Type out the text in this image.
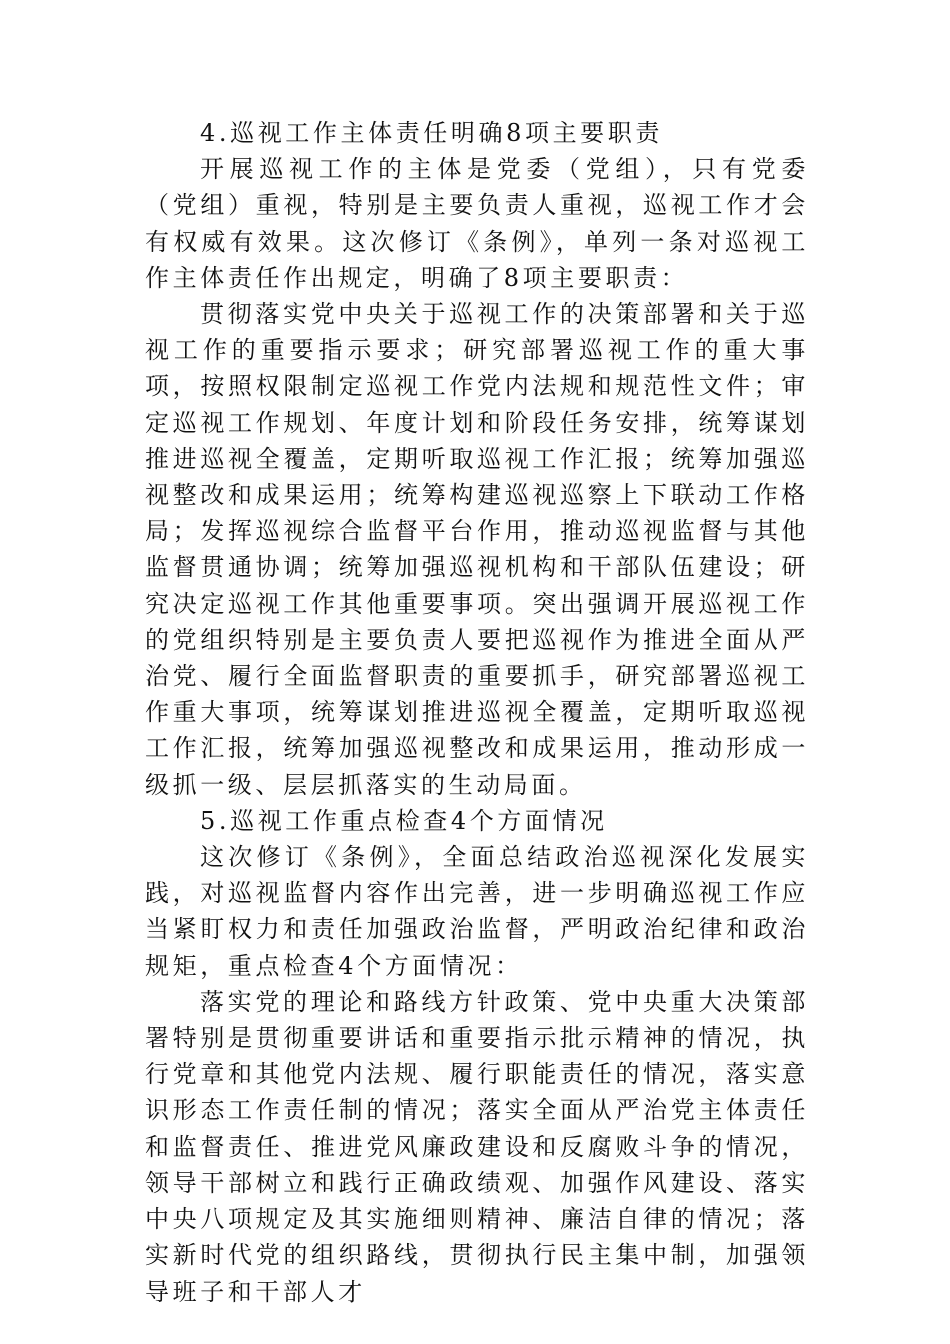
4.巡视工作主体责任明确8项主要职责

开展巡视工作的主体是党委（党组），只有党委（党组）重视，特别是主要负责人重视，巡视工作才会有权威有效果。这次修订《条例》，单列一条对巡视工作主体责任作出规定，明确了8项主要职责：

贯彻落实党中央关于巡视工作的决策部署和关于巡视工作的重要指示要求；研究部署巡视工作的重大事项，按照权限制定巡视工作党内法规和规范性文件；审定巡视工作规划、年度计划和阶段任务安排，统筹谋划推进巡视全覆盖，定期听取巡视工作汇报；统筹加强巡视整改和成果运用；统筹构建巡视巡察上下联动工作格局；发挥巡视综合监督平台作用，推动巡视监督与其他监督贯通协调；统筹加强巡视机构和干部队伍建设；研究决定巡视工作其他重要事项。突出强调开展巡视工作的党组织特别是主要负责人要把巡视作为推进全面从严治党、履行全面监督职责的重要抓手，研究部署巡视工作重大事项，统筹谋划推进巡视全覆盖，定期听取巡视工作汇报，统筹加强巡视整改和成果运用，推动形成一级抓一级、层层抓落实的生动局面。

5.巡视工作重点检查4个方面情况

这次修订《条例》，全面总结政治巡视深化发展实践，对巡视监督内容作出完善，进一步明确巡视工作应当紧盯权力和责任加强政治监督，严明政治纪律和政治规矩，重点检查4个方面情况：

落实党的理论和路线方针政策、党中央重大决策部署特别是贯彻重要讲话和重要指示批示精神的情况，执行党章和其他党内法规、履行职能责任的情况，落实意识形态工作责任制的情况；落实全面从严治党主体责任和监督责任、推进党风廉政建设和反腐败斗争的情况，领导干部树立和践行正确政绩观、加强作风建设、落实中央八项规定及其实施细则精神、廉洁自律的情况；落实新时代党的组织路线，贯彻执行民主集中制，加强领导班子和干部人才
